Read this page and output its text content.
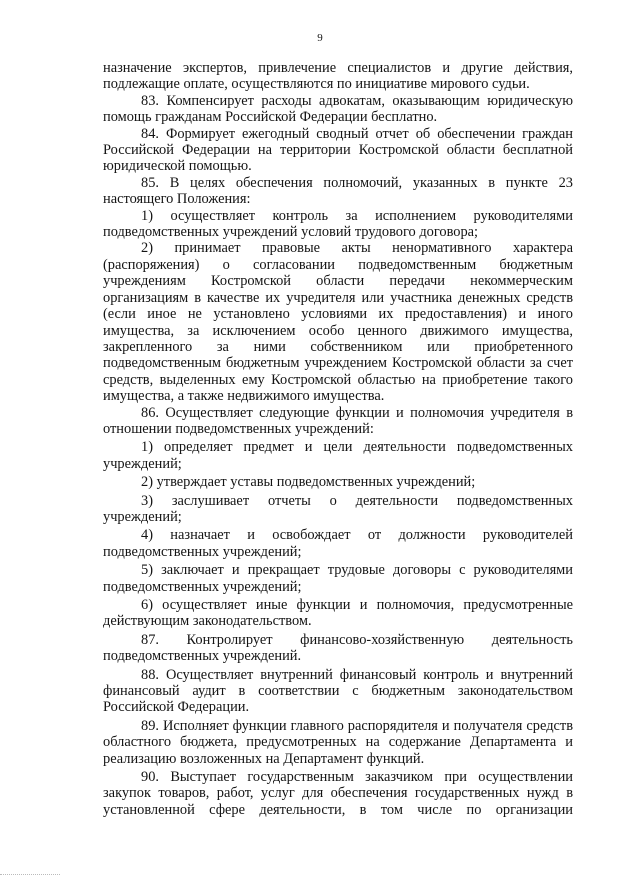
9

назначение экспертов, привлечение специалистов и другие действия, подлежащие оплате, осуществляются по инициативе мирового судьи.

83. Компенсирует расходы адвокатам, оказывающим юридическую помощь гражданам Российской Федерации бесплатно.

84. Формирует ежегодный сводный отчет об обеспечении граждан Российской Федерации на территории Костромской области бесплатной юридической помощью.

85. В целях обеспечения полномочий, указанных в пункте 23 настоящего Положения:

1) осуществляет контроль за исполнением руководителями подведомственных учреждений условий трудового договора;

2) принимает правовые акты ненормативного характера (распоряжения) о согласовании подведомственным бюджетным учреждениям Костромской области передачи некоммерческим организациям в качестве их учредителя или участника денежных средств (если иное не установлено условиями их предоставления) и иного имущества, за исключением особо ценного движимого имущества, закрепленного за ними собственником или приобретенного подведомственным бюджетным учреждением Костромской области за счет средств, выделенных ему Костромской областью на приобретение такого имущества, а также недвижимого имущества.

86. Осуществляет следующие функции и полномочия учредителя в отношении подведомственных учреждений:

1) определяет предмет и цели деятельности подведомственных учреждений;

2) утверждает уставы подведомственных учреждений;

3) заслушивает отчеты о деятельности подведомственных учреждений;

4) назначает и освобождает от должности руководителей подведомственных учреждений;

5) заключает и прекращает трудовые договоры с руководителями подведомственных учреждений;

6) осуществляет иные функции и полномочия, предусмотренные действующим законодательством.

87. Контролирует финансово-хозяйственную деятельность подведомственных учреждений.

88. Осуществляет внутренний финансовый контроль и внутренний финансовый аудит в соответствии с бюджетным законодательством Российской Федерации.

89. Исполняет функции главного распорядителя и получателя средств областного бюджета, предусмотренных на содержание Департамента и реализацию возложенных на Департамент функций.

90. Выступает государственным заказчиком при осуществлении закупок товаров, работ, услуг для обеспечения государственных нужд в установленной сфере деятельности, в том числе по организации
